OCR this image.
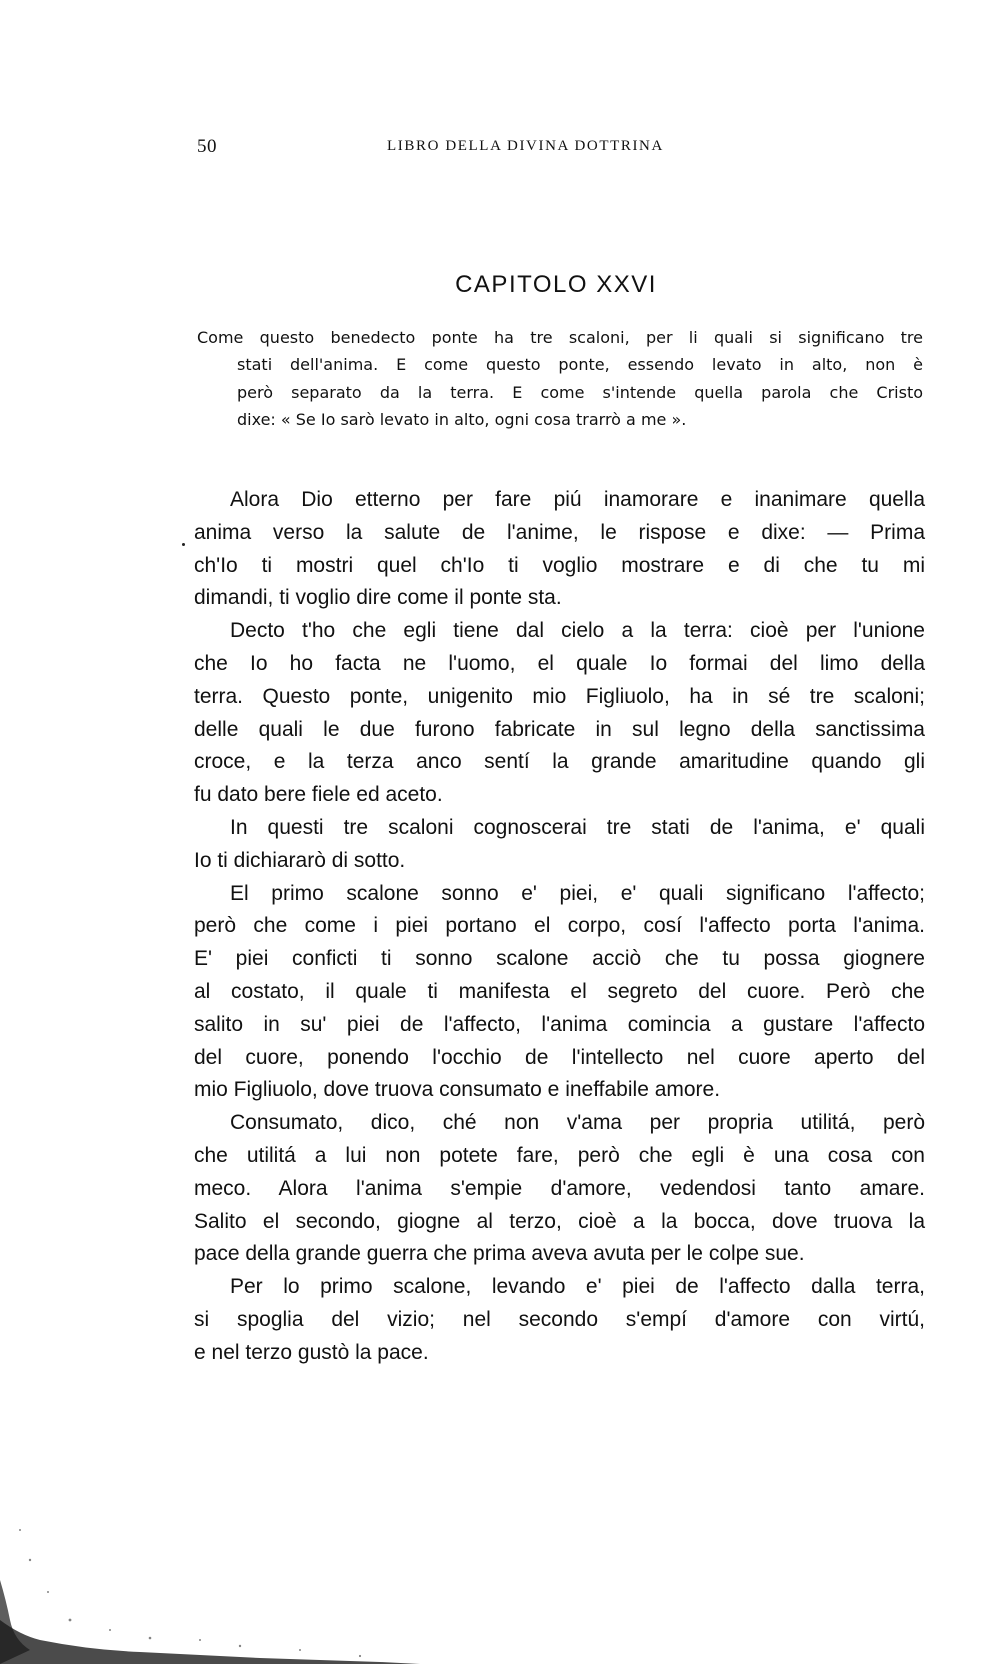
50	LIBRO DELLA DIVINA DOTTRINA
CAPITOLO XXVI
Come questo benedecto ponte ha tre scaloni, per li quali si significano tre
stati dell'anima. E come questo ponte, essendo levato in alto, non è
però separato da la terra. E come s'intende quella parola che Cristo
dixe: « Se Io sarò levato in alto, ogni cosa trarrò a me ».
Alora Dio etterno per fare piú inamorare e inanimare quella
anima verso la salute de l'anime, le rispose e dixe: — Prima
ch'Io ti mostri quel ch'Io ti voglio mostrare e di che tu mi
dimandi, ti voglio dire come il ponte sta.
Decto t'ho che egli tiene dal cielo a la terra: cioè per l'unione
che Io ho facta ne l'uomo, el quale Io formai del limo della
terra. Questo ponte, unigenito mio Figliuolo, ha in sé tre scaloni;
delle quali le due furono fabricate in sul legno della sanctissima
croce, e la terza anco sentí la grande amaritudine quando gli
fu dato bere fiele ed aceto.
In questi tre scaloni cognoscerai tre stati de l'anima, e' quali
Io ti dichiararò di sotto.
El primo scalone sonno e' piei, e' quali significano l'affecto;
però che come i piei portano el corpo, cosí l'affecto porta l'anima.
E' piei conficti ti sonno scalone acciò che tu possa giognere
al costato, il quale ti manifesta el segreto del cuore. Però che
salito in su' piei de l'affecto, l'anima comincia a gustare l'affecto
del cuore, ponendo l'occhio de l'intellecto nel cuore aperto del
mio Figliuolo, dove truova consumato e ineffabile amore.
Consumato, dico, ché non v'ama per propria utilitá, però
che utilitá a lui non potete fare, però che egli è una cosa con
meco. Alora l'anima s'empie d'amore, vedendosi tanto amare.
Salito el secondo, giogne al terzo, cioè a la bocca, dove truova la
pace della grande guerra che prima aveva avuta per le colpe sue.
Per lo primo scalone, levando e' piei de l'affecto dalla terra,
si spoglia del vizio; nel secondo s'empí d'amore con virtú,
e nel terzo gustò la pace.
